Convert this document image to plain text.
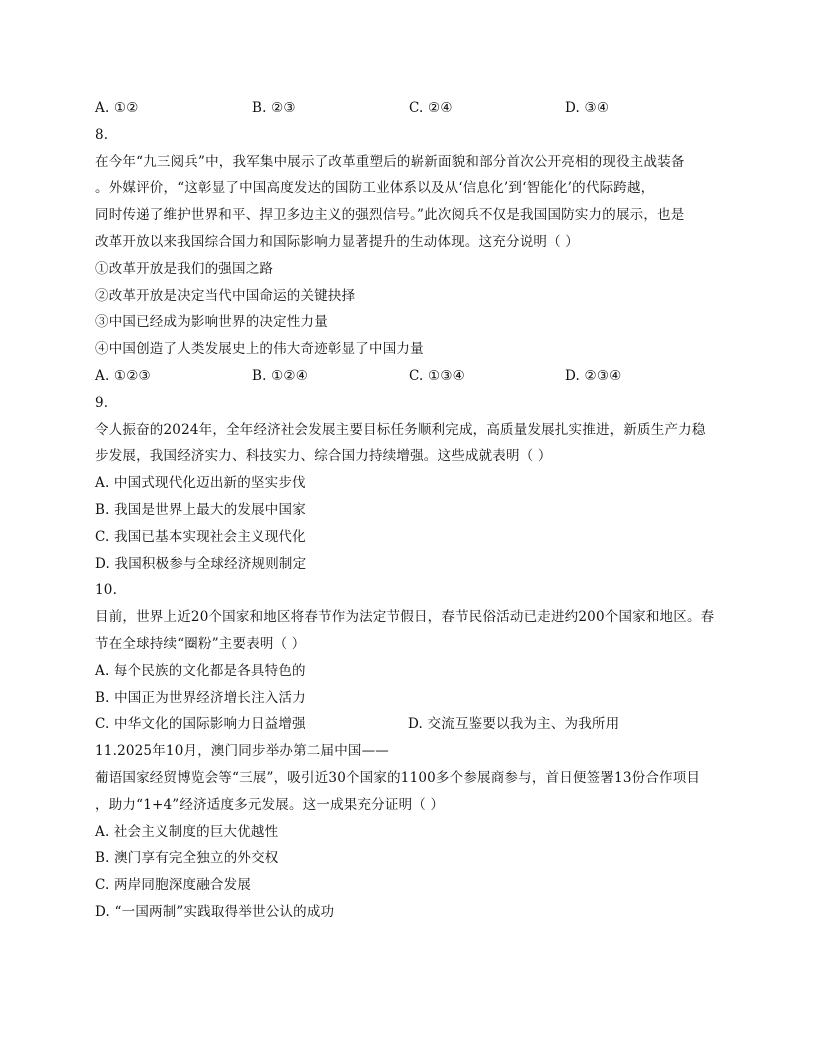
A. ①②	B. ②③	C. ②④	D. ③④
8.
在今年“九三阅兵”中，我军集中展示了改革重塑后的崭新面貌和部分首次公开亮相的现役主战装备
。外媒评价，“这彰显了中国高度发达的国防工业体系以及从‘信息化’到‘智能化’的代际跨越，
同时传递了维护世界和平、捍卫多边主义的强烈信号。”此次阅兵不仅是我国国防实力的展示，也是
改革开放以来我国综合国力和国际影响力显著提升的生动体现。这充分说明（ ）
①改革开放是我们的强国之路
②改革开放是决定当代中国命运的关键抉择
③中国已经成为影响世界的决定性力量
④中国创造了人类发展史上的伟大奇迹彰显了中国力量
A. ①②③	B. ①②④	C. ①③④	D. ②③④
9.
令人振奋的2024年，全年经济社会发展主要目标任务顺利完成，高质量发展扎实推进，新质生产力稳
步发展，我国经济实力、科技实力、综合国力持续增强。这些成就表明（ ）
A. 中国式现代化迈出新的坚实步伐
B. 我国是世界上最大的发展中国家
C. 我国已基本实现社会主义现代化
D. 我国积极参与全球经济规则制定
10.
目前，世界上近20个国家和地区将春节作为法定节假日，春节民俗活动已走进约200个国家和地区。春
节在全球持续“圈粉”主要表明（ ）
A. 每个民族的文化都是各具特色的
B. 中国正为世界经济增长注入活力
C. 中华文化的国际影响力日益增强	D. 交流互鉴要以我为主、为我所用
11.2025年10月，澳门同步举办第二届中国——
葡语国家经贸博览会等“三展”，吸引近30个国家的1100多个参展商参与，首日便签署13份合作项目
，助力“1+4”经济适度多元发展。这一成果充分证明（ ）
A. 社会主义制度的巨大优越性
B. 澳门享有完全独立的外交权
C. 两岸同胞深度融合发展
D. “一国两制”实践取得举世公认的成功
